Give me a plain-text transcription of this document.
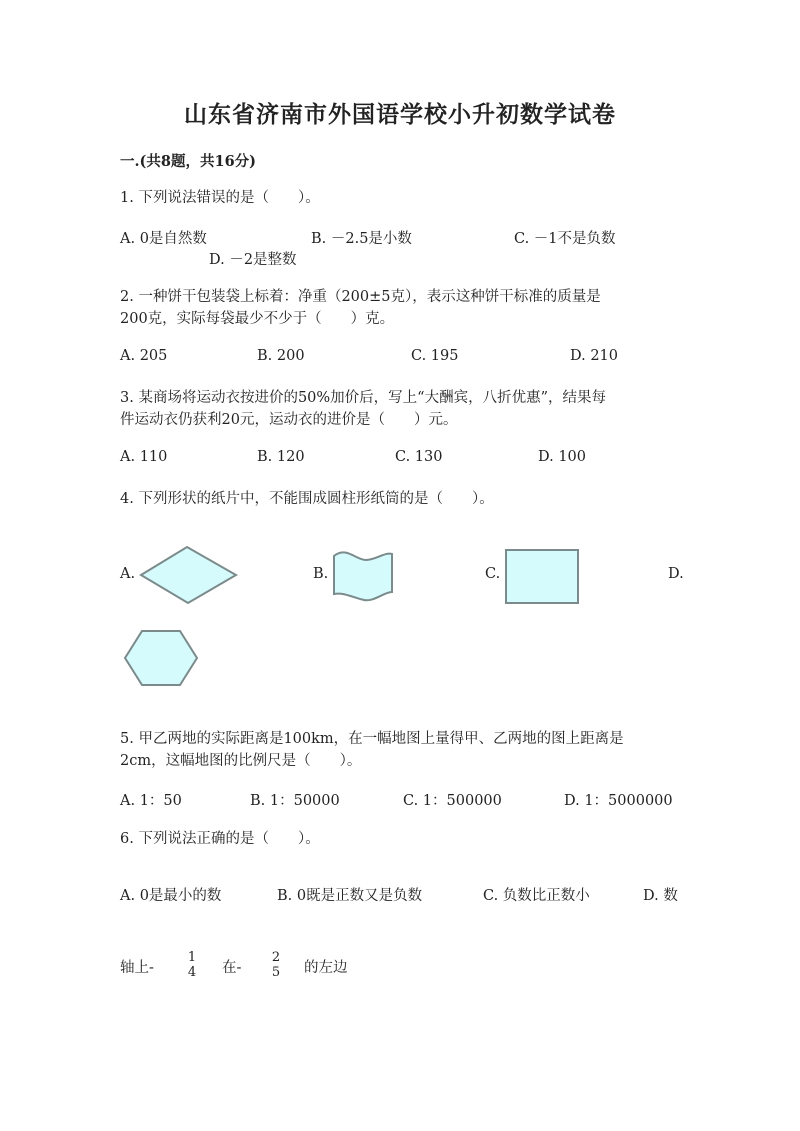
山东省济南市外国语学校小升初数学试卷
一.(共8题，共16分)
1. 下列说法错误的是（　　）。
A. 0是自然数	B. －2.5是小数	C. －1不是负数
D. －2是整数
2. 一种饼干包装袋上标着：净重（200±5克），表示这种饼干标准的质量是
200克，实际每袋最少不少于（　　）克。
A. 205	B. 200	C. 195	D. 210
3. 某商场将运动衣按进价的50%加价后，写上“大酬宾，八折优惠”，结果每
件运动衣仍获利20元，运动衣的进价是（　　）元。
A. 110	B. 120	C. 130	D. 100
4. 下列形状的纸片中，不能围成圆柱形纸筒的是（　　）。
A.	B.	C.	D.
5. 甲乙两地的实际距离是100km，在一幅地图上量得甲、乙两地的图上距离是
2cm，这幅地图的比例尺是（　　）。
A. 1：50	B. 1：50000	C. 1：500000	D. 1：5000000
6. 下列说法正确的是（　　）。
A. 0是最小的数	B. 0既是正数又是负数	C. 负数比正数小	D. 数
轴上-
1
4 在-
2
5 的左边
